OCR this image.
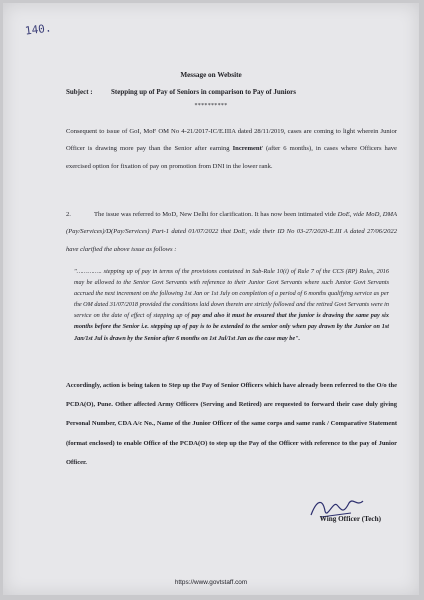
140.
Message on Website
Subject :	Stepping up of Pay of Seniors in comparison to Pay of Juniors
**********
Consequent to issue of GoI, MoF OM No 4-21/2017-IC/E.IIIA dated 28/11/2019, cases are coming to light wherein Junior Officer is drawing more pay than the Senior after earning Increment' (after 6 months), in cases where Officers have exercised option for fixation of pay on promotion from DNI in the lower rank.
2.	The issue was referred to MoD, New Delhi for clarification. It has now been intimated vide DoE, vide MoD, DMA (Pay/Services)/D(Pay/Services) Part-1 dated 01/07/2022 that DoE, vide their ID No 03-27/2020-E.III A dated 27/06/2022 have clarified the above issue as follows :
"………….. stepping up of pay in terms of the provisions contained in Sub-Rule 10(i) of Rule 7 of the CCS (RP) Rules, 2016 may be allowed to the Senior Govt Servants with reference to their Junior Govt Servants where such Junior Govt Servants accrued the next increment on the following 1st Jan or 1st July on completion of a period of 6 months qualifying service as per the OM dated 31/07/2018 provided the conditions laid down therein are strictly followed and the retired Govt Servants were in service on the date of effect of stepping up of pay and also it must be ensured that the junior is drawing the same pay six months before the Senior i.e. stepping up of pay is to be extended to the senior only when pay drawn by the Junior on 1st Jan/1st Jul is drawn by the Senior after 6 months on 1st Jul/1st Jan as the case may be".
Accordingly, action is being taken to Step up the Pay of Senior Officers which have already been referred to the O/o the PCDA(O), Pune. Other affected Army Officers (Serving and Retired) are requested to forward their case duly giving Personal Number, CDA A/c No., Name of the Junior Officer of the same corps and same rank / Comparative Statement (format enclosed) to enable Office of the PCDA(O) to step up the Pay of the Officer with reference to the pay of Junior Officer.
Wing Officer (Tech)
https://www.govtstaff.com
